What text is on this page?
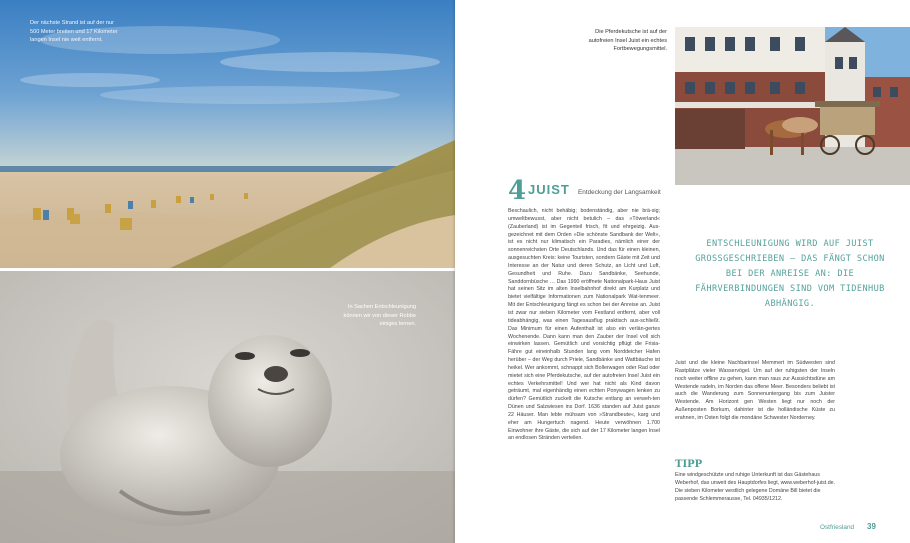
Der nächste Strand ist auf der nur 500 Meter breiten und 17 Kilometer langen Insel nie weit entfernt.
In Sachen Entschleunigung können wir von dieser Robbe einiges lernen.
Die Pferdekutsche ist auf der autofreien Insel Juist ein echtes Fortbewegungsmittel.
4 JUIST Entdeckung der Langsamkeit

Beschaulich, nicht behäbig; bodenständig, aber nie brä-sig; umweltbewusst, aber nicht betulich – das »Töwerland« (Zauberland) ist im Gegenteil frisch, fit und ehrgeizig. Aus-gezeichnet mit dem Orden »Die schönste Sandbank der Welt«, ist es nicht nur klimatisch ein Paradies, nämlich einer der sonnenreichsten Orte Deutschlands. Und das für einen kleinen, ausgesuchten Kreis: keine Touristen, sondern Gäste mit Zeit und Interesse an der Natur und deren Schutz, an Licht und Luft, Gesundheit und Ruhe. Dazu Sandbänke, Seehunde, Sanddornbüsche … Das 1990 eröffnete Nationalpark-Haus Juist hat seinen Sitz im alten Inselbahnhof direkt am Kurplatz und bietet vielfältige Informationen zum Nationalpark Wat-tenmeer. Mit der Entschleunigung fängt es schon bei der Anreise an. Juist ist zwar nur sieben Kilometer vom Festland entfernt, aber voll tideabhängig, was einen Tagesausflug praktisch aus-schließt. Das Minimum für einen Aufenthalt ist also ein verlän-gertes Wochenende. Dann kann man den Zauber der Insel voll sich einwirken lassen. Gemütlich und vorsichtig pflügt die Frisia-Fähre gut eineinhalb Stunden lang vom Norddeicher Hafen herüber – der Weg durch Priele, Sandbänke und Wattbäuche ist heikel. Wer ankommt, schnappt sich Bollerwagen oder Rad oder mietet sich eine Pferdekutsche, auf der autofreien Insel Juist ein echtes Verkehrsmittel! Und wer hat nicht als Kind davon geträumt, mal eigenhändig einen echten Ponywagen lenken zu dürfen? Gemütlich zuckelt die Kutsche entlang an verweh-ten Dünen und Salzwiesen ins Dorf. 1636 standen auf Juist ganze 22 Häuser. Man lebte mühsam von »Strandbeute«, karg und eher am Hungertuch nagend. Heute verwöhnen 1.700 Einwohner ihre Gäste, die sich auf der 17 Kilometer langen Insel an endlosen Stränden verteilen.

ENTSCHLEUNIGUNG WIRD AUF JUIST GROSSGESCHRIEBEN – DAS FÄNGT SCHON BEI DER ANREISE AN: DIE FÄHRVERBINDUNGEN SIND VOM TIDENHUB ABHÄNGIG.
Juist und die kleine Nachbarinsel Memmert im Südwesten sind Rastplätze vieler Wasservögel. Um auf der ruhigsten der Inseln noch weiter offline zu gehen, kann man raus zur Aussichtsdüne am Westende radeln, im Norden das offene Meer. Besonders beliebt ist auch die Wanderung zum Sonnenuntergang bis zum Juister Westende. Am Horizont gen Westen liegt nur noch der Außenposten Borkum, dahinter ist die holländische Küste zu erahnen, im Osten folgt die mondäne Schwester Norderney.
TIPP
Eine windgeschützte und ruhige Unterkunft ist das Gästehaus Weberhof, das unweit des Hauptdorfes liegt, www.weberhof-juist.de. Die sieben Kilometer westlich gelegene Domäne Bill bietet die passende Schlemmerausse, Tel. 04935/1212.
Ostfriesland 39
